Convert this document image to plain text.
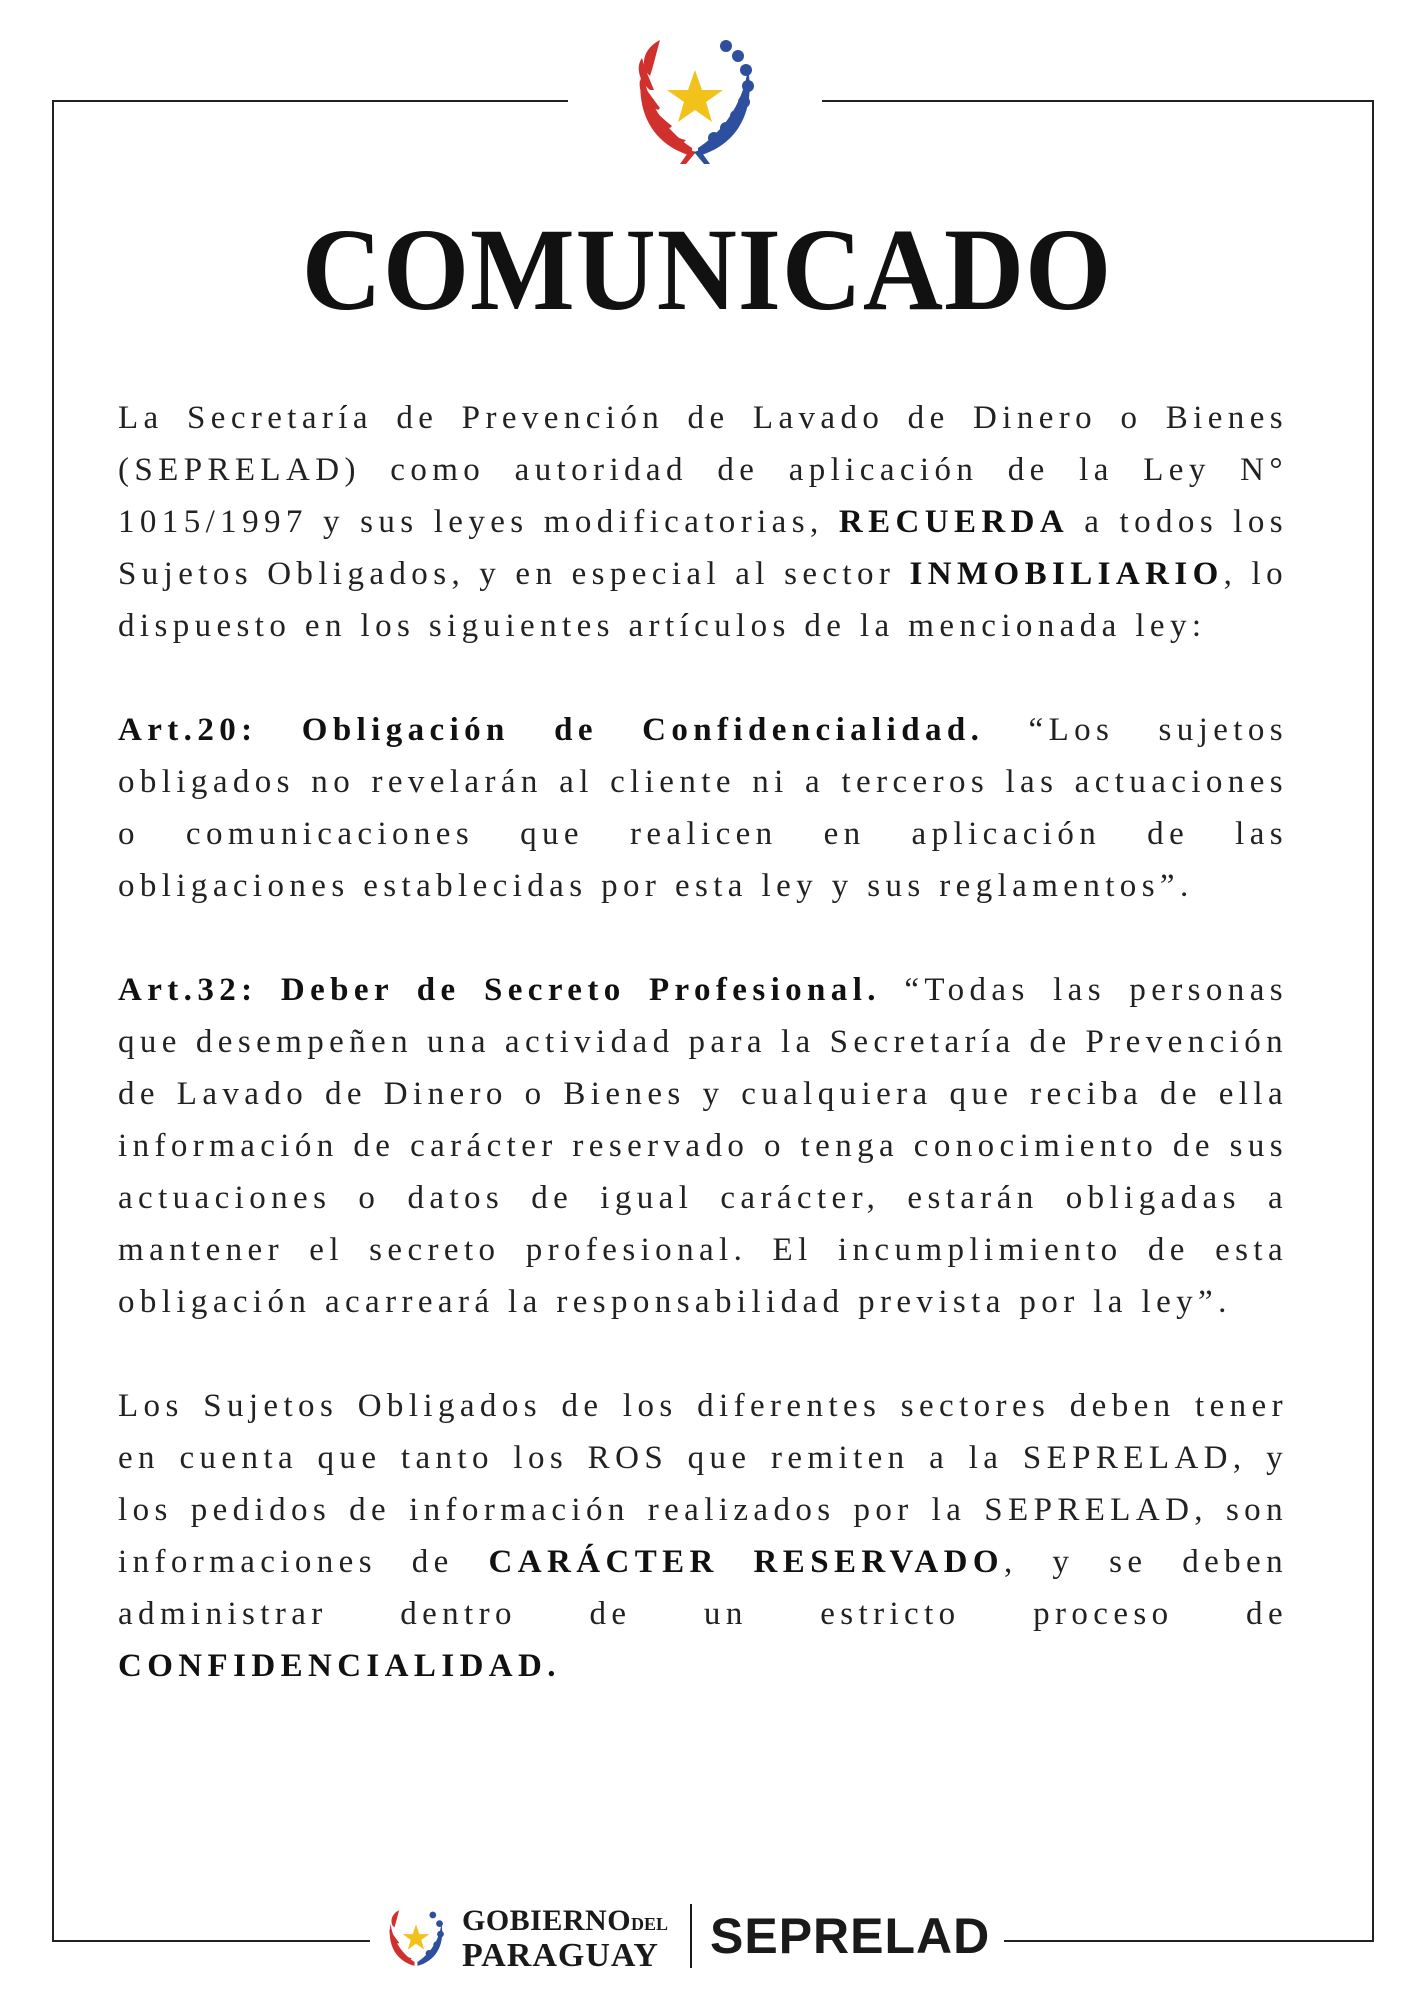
COMUNICADO

La Secretaría de Prevención de Lavado de Dinero o Bienes (SEPRELAD) como autoridad de aplicación de la Ley N° 1015/1997 y sus leyes modificatorias, RECUERDA a todos los Sujetos Obligados, y en especial al sector INMOBILIARIO, lo dispuesto en los siguientes artículos de la mencionada ley:

Art.20: Obligación de Confidencialidad. “Los sujetos obligados no revelarán al cliente ni a terceros las actuaciones o comunicaciones que realicen en aplicación de las obligaciones establecidas por esta ley y sus reglamentos”.

Art.32: Deber de Secreto Profesional. “Todas las personas que desempeñen una actividad para la Secretaría de Prevención de Lavado de Dinero o Bienes y cualquiera que reciba de ella información de carácter reservado o tenga conocimiento de sus actuaciones o datos de igual carácter, estarán obligadas a mantener el secreto profesional. El incumplimiento de esta obligación acarreará la responsabilidad prevista por la ley”.

Los Sujetos Obligados de los diferentes sectores deben tener en cuenta que tanto los ROS que remiten a la SEPRELAD, y los pedidos de información realizados por la SEPRELAD, son informaciones de CARÁCTER RESERVADO, y se deben administrar dentro de un estricto proceso de CONFIDENCIALIDAD.

GOBIERNODEL
PARAGUAY SEPRELAD
